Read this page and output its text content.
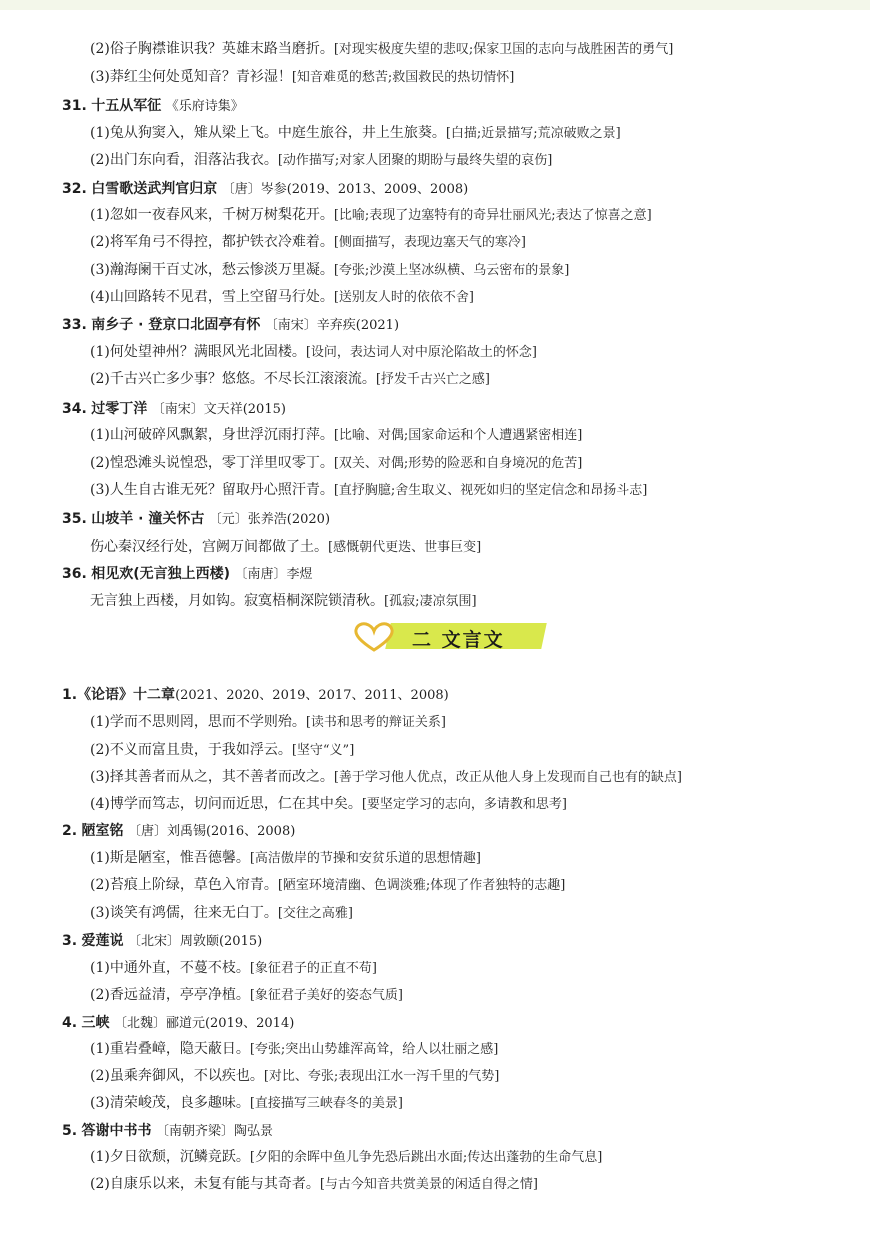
(2)俗子胸襟谁识我？英雄末路当磨折。[对现实极度失望的悲叹;保家卫国的志向与战胜困苦的勇气]
(3)莽红尘何处觅知音？青衫湿！[知音难觅的愁苦;救国救民的热切情怀]
31. 十五从军征 《乐府诗集》
(1)兔从狗窦入，雉从梁上飞。中庭生旅谷，井上生旅葵。[白描;近景描写;荒凉破败之景]
(2)出门东向看，泪落沾我衣。[动作描写;对家人团聚的期盼与最终失望的哀伤]
32. 白雪歌送武判官归京 〔唐〕岑参(2019、2013、2009、2008)
(1)忽如一夜春风来，千树万树梨花开。[比喻;表现了边塞特有的奇异壮丽风光;表达了惊喜之意]
(2)将军角弓不得控，都护铁衣冷难着。[侧面描写，表现边塞天气的寒冷]
(3)瀚海阑干百丈冰，愁云惨淡万里凝。[夸张;沙漠上坚冰纵横、乌云密布的景象]
(4)山回路转不见君，雪上空留马行处。[送别友人时的依依不舍]
33. 南乡子 · 登京口北固亭有怀 〔南宋〕辛弃疾(2021)
(1)何处望神州？满眼风光北固楼。[设问，表达词人对中原沦陷故土的怀念]
(2)千古兴亡多少事？悠悠。不尽长江滚滚流。[抒发千古兴亡之感]
34. 过零丁洋 〔南宋〕文天祥(2015)
(1)山河破碎风飘絮，身世浮沉雨打萍。[比喻、对偶;国家命运和个人遭遇紧密相连]
(2)惶恐滩头说惶恐，零丁洋里叹零丁。[双关、对偶;形势的险恶和自身境况的危苦]
(3)人生自古谁无死？留取丹心照汗青。[直抒胸臆;舍生取义、视死如归的坚定信念和昂扬斗志]
35. 山坡羊 · 潼关怀古 〔元〕张养浩(2020)
伤心秦汉经行处，宫阙万间都做了土。[感慨朝代更迭、世事巨变]
36. 相见欢(无言独上西楼) 〔南唐〕李煜
无言独上西楼，月如钩。寂寞梧桐深院锁清秋。[孤寂;凄凉氛围]
二 文言文
1.《论语》十二章(2021、2020、2019、2017、2011、2008)
(1)学而不思则罔，思而不学则殆。[读书和思考的辩证关系]
(2)不义而富且贵，于我如浮云。[坚守“义”]
(3)择其善者而从之，其不善者而改之。[善于学习他人优点，改正从他人身上发现而自己也有的缺点]
(4)博学而笃志，切问而近思，仁在其中矣。[要坚定学习的志向，多请教和思考]
2. 陋室铭 〔唐〕刘禹锡(2016、2008)
(1)斯是陋室，惟吾德馨。[高洁傲岸的节操和安贫乐道的思想情趣]
(2)苔痕上阶绿，草色入帘青。[陋室环境清幽、色调淡雅;体现了作者独特的志趣]
(3)谈笑有鸿儒，往来无白丁。[交往之高雅]
3. 爱莲说 〔北宋〕周敦颐(2015)
(1)中通外直，不蔓不枝。[象征君子的正直不苟]
(2)香远益清，亭亭净植。[象征君子美好的姿态气质]
4. 三峡 〔北魏〕郦道元(2019、2014)
(1)重岩叠嶂，隐天蔽日。[夸张;突出山势雄浑高耸，给人以壮丽之感]
(2)虽乘奔御风，不以疾也。[对比、夸张;表现出江水一泻千里的气势]
(3)清荣峻茂，良多趣味。[直接描写三峡春冬的美景]
5. 答谢中书书 〔南朝齐梁〕陶弘景
(1)夕日欲颓，沉鳞竞跃。[夕阳的余晖中鱼儿争先恐后跳出水面;传达出蓬勃的生命气息]
(2)自康乐以来，未复有能与其奇者。[与古今知音共赏美景的闲适自得之情]
